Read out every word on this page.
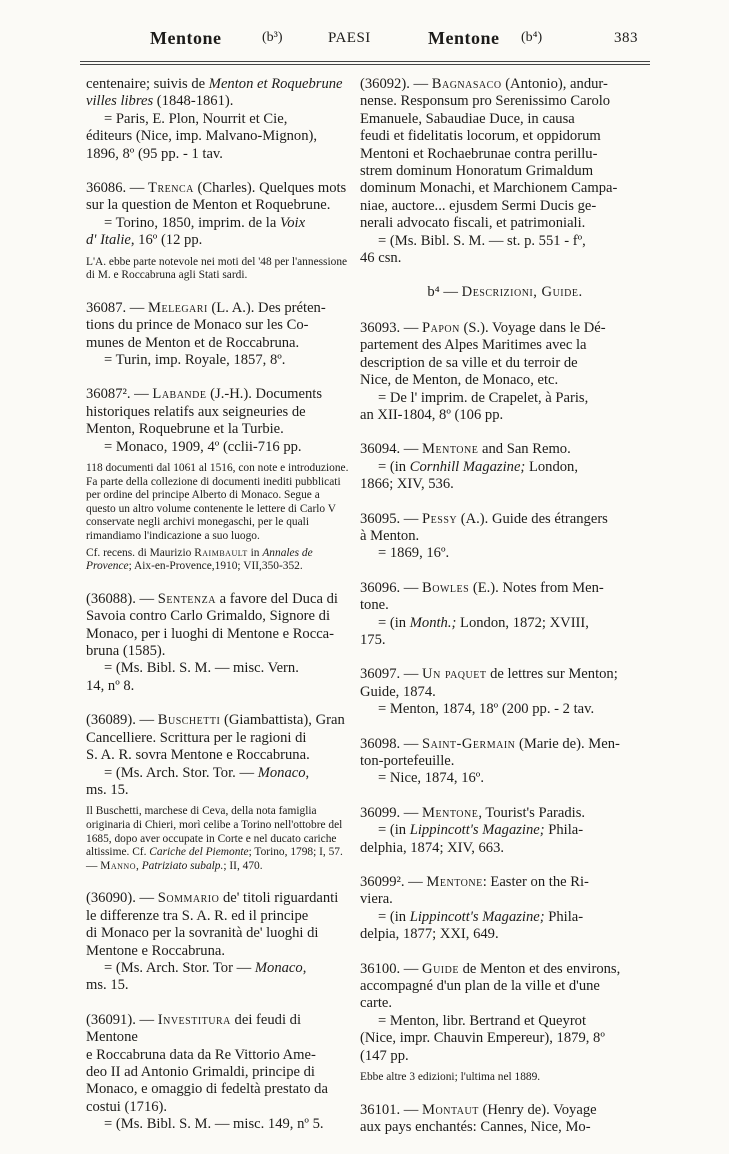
Mentone	(b³)	PAESI	Mentone (b⁴)	383

centenaire; suivis de Menton et Roquebrune

villes libres (1848-1861).

= Paris, E. Plon, Nourrit et Cie,

éditeurs (Nice, imp. Malvano-Mignon),

1896, 8º (95 pp. - 1 tav.

36086. — Trenca (Charles). Quelques mots

sur la question de Menton et Roquebrune.

= Torino, 1850, imprim. de la Voix

d' Italie, 16º (12 pp.

L'A. ebbe parte notevole nei moti del '48 per l'annessione di M. e Roccabruna agli Stati sardi.

36087. — Melegari (L. A.). Des préten-

tions du prince de Monaco sur les Co-

munes de Menton et de Roccabruna.

= Turin, imp. Royale, 1857, 8º.

36087². — Labande (J.-H.). Documents

historiques relatifs aux seigneuries de

Menton, Roquebrune et la Turbie.

= Monaco, 1909, 4º (cclii-716 pp.

118 documenti dal 1061 al 1516, con note e introduzione. Fa parte della collezione di documenti inediti pubblicati per ordine del principe Alberto di Monaco. Segue a questo un altro volume contenente le lettere di Carlo V conservate negli archivi monegaschi, per le quali rimandiamo l'indicazione a suo luogo.

Cf. recens. di Maurizio Raimbault in Annales de Provence; Aix-en-Provence,1910; VII,350-352.

(36088). — Sentenza a favore del Duca di

Savoia contro Carlo Grimaldo, Signore di

Monaco, per i luoghi di Mentone e Rocca-

bruna (1585).

= (Ms. Bibl. S. M. — misc. Vern.

14, nº 8.

(36089). — Buschetti (Giambattista), Gran

Cancelliere. Scrittura per le ragioni di

S. A. R. sovra Mentone e Roccabruna.

= (Ms. Arch. Stor. Tor. — Monaco,

ms. 15.

Il Buschetti, marchese di Ceva, della nota famiglia originaria di Chieri, morì celibe a Torino nell'ottobre del 1685, dopo aver occupate in Corte e nel ducato cariche altissime. Cf. Cariche del Piemonte; Torino, 1798; I, 57. — Manno, Patriziato subalp.; II, 470.

(36090). — Sommario de' titoli riguardanti

le differenze tra S. A. R. ed il principe

di Monaco per la sovranità de' luoghi di

Mentone e Roccabruna.

= (Ms. Arch. Stor. Tor — Monaco,

ms. 15.

(36091). — Investitura dei feudi di Mentone

e Roccabruna data da Re Vittorio Ame-

deo II ad Antonio Grimaldi, principe di

Monaco, e omaggio di fedeltà prestato da

costui (1716).

= (Ms. Bibl. S. M. — misc. 149, nº 5.

(36092). — Bagnasaco (Antonio), andur-

nense. Responsum pro Serenissimo Carolo

Emanuele, Sabaudiae Duce, in causa

feudi et fidelitatis locorum, et oppidorum

Mentoni et Rochaebrunae contra perillu-

strem dominum Honoratum Grimaldum

dominum Monachi, et Marchionem Campa-

niae, auctore... ejusdem Sermi Ducis ge-

nerali advocato fiscali, et patrimoniali.

= (Ms. Bibl. S. M. — st. p. 551 - fº,

46 csn.

b⁴ — Descrizioni, Guide.

36093. — Papon (S.). Voyage dans le Dé-

partement des Alpes Maritimes avec la

description de sa ville et du terroir de

Nice, de Menton, de Monaco, etc.

= De l' imprim. de Crapelet, à Paris,

an XII-1804, 8º (106 pp.

36094. — Mentone and San Remo.

= (in Cornhill Magazine; London,

1866; XIV, 536.

36095. — Pessy (A.). Guide des étrangers

à Menton.

= 1869, 16º.

36096. — Bowles (E.). Notes from Men-

tone.

= (in Month.; London, 1872; XVIII,

175.

36097. — Un paquet de lettres sur Menton;

Guide, 1874.

= Menton, 1874, 18º (200 pp. - 2 tav.

36098. — Saint-Germain (Marie de). Men-

ton-portefeuille.

= Nice, 1874, 16º.

36099. — Mentone, Tourist's Paradis.

= (in Lippincott's Magazine; Phila-

delphia, 1874; XIV, 663.

36099². — Mentone: Easter on the Ri-

viera.

= (in Lippincott's Magazine; Phila-

delpia, 1877; XXI, 649.

36100. — Guide de Menton et des environs,

accompagné d'un plan de la ville et d'une

carte.

= Menton, libr. Bertrand et Queyrot

(Nice, impr. Chauvin Empereur), 1879, 8º

(147 pp.

Ebbe altre 3 edizioni; l'ultima nel 1889.

36101. — Montaut (Henry de). Voyage

aux pays enchantés: Cannes, Nice, Mo-
